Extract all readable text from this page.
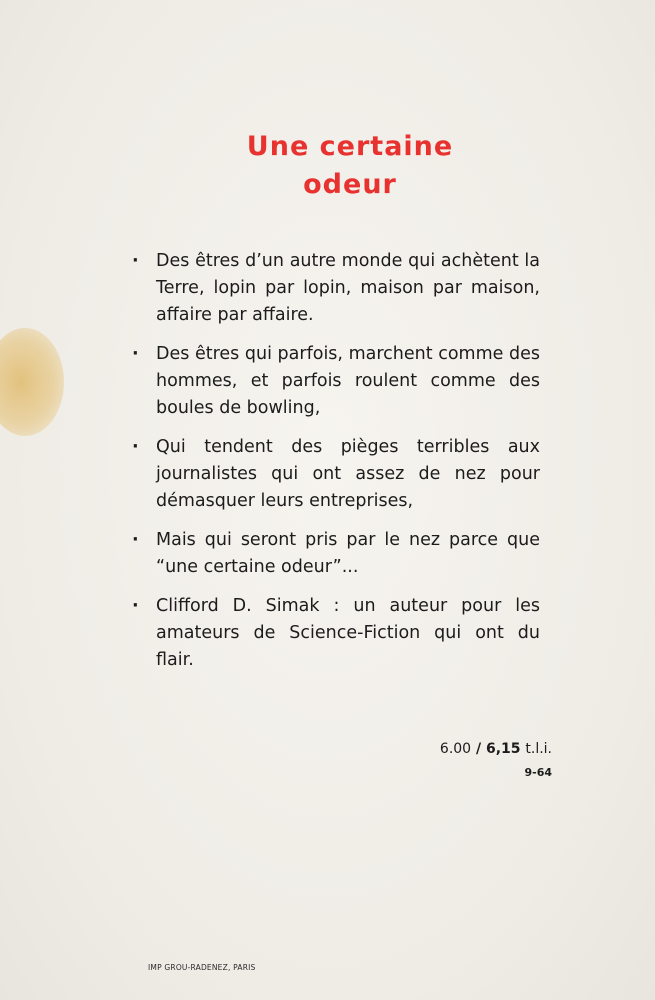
Une certaine
odeur
· Des êtres d’un autre monde qui achètent la Terre, lopin par lopin, maison par maison, affaire par affaire.
· Des êtres qui parfois, marchent comme des hommes, et parfois roulent comme des boules de bowling,
· Qui tendent des pièges terribles aux journalistes qui ont assez de nez pour démasquer leurs entreprises,
· Mais qui seront pris par le nez parce que “une certaine odeur”...
· Clifford D. Simak : un auteur pour les amateurs de Science-Fiction qui ont du flair.
6.00 / 6,15 t.l.i.
9-64
IMP GROU-RADENEZ, PARIS
